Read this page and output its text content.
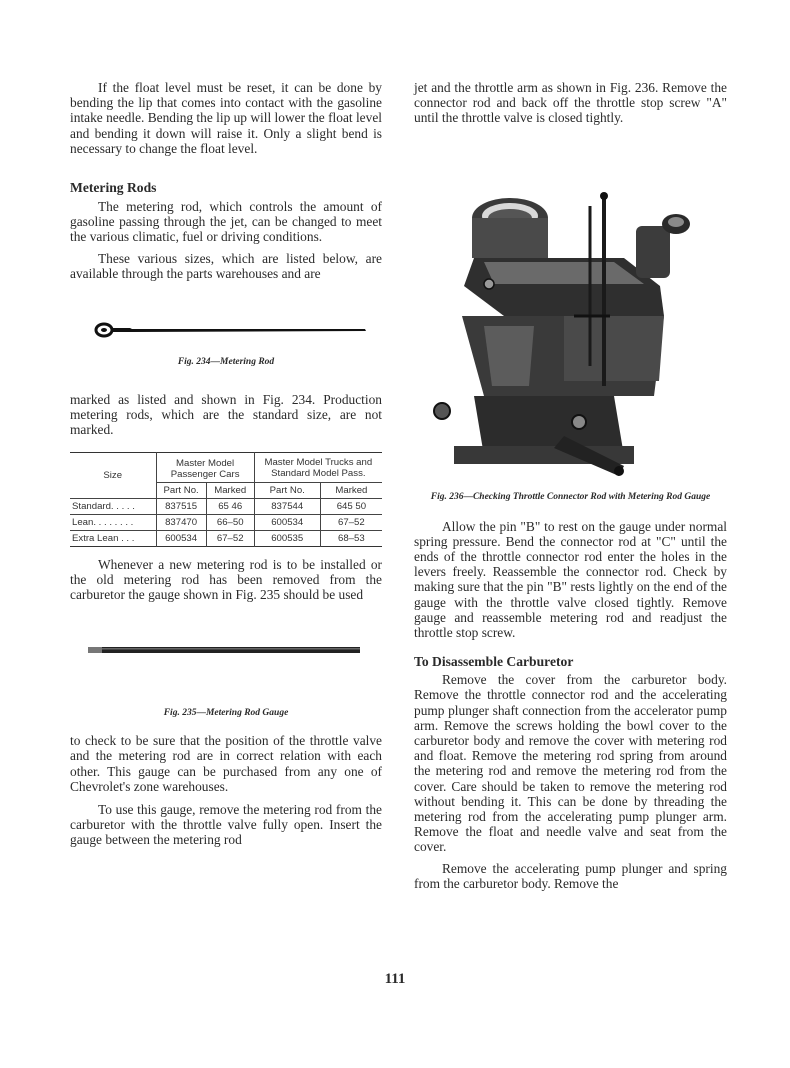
If the float level must be reset, it can be done by bending the lip that comes into contact with the gasoline intake needle. Bending the lip up will lower the float level and bending it down will raise it. Only a slight bend is necessary to change the float level.

Metering Rods

The metering rod, which controls the amount of gasoline passing through the jet, can be changed to meet the various climatic, fuel or driving conditions.

These various sizes, which are listed below, are available through the parts warehouses and are

Fig. 234—Metering Rod

marked as listed and shown in Fig. 234. Production metering rods, which are the standard size, are not marked.

Size	Master Model Passenger Cars		Master Model Trucks and Standard Model Pass.	
	Part No.	Marked	Part No.	Marked
Standard. . . . .	837515	65 46	837544	645 50
Lean. . . . . . . .	837470	66–50	600534	67–52
Extra Lean . . .	600534	67–52	600535	68–53

Whenever a new metering rod is to be installed or the old metering rod has been removed from the carburetor the gauge shown in Fig. 235 should be used

Fig. 235—Metering Rod Gauge

to check to be sure that the position of the throttle valve and the metering rod are in correct relation with each other. This gauge can be purchased from any one of Chevrolet's zone warehouses.

To use this gauge, remove the metering rod from the carburetor with the throttle valve fully open. Insert the gauge between the metering rod

jet and the throttle arm as shown in Fig. 236. Remove the connector rod and back off the throttle stop screw "A" until the throttle valve is closed tightly.

Fig. 236—Checking Throttle Connector Rod with Metering Rod Gauge

Allow the pin "B" to rest on the gauge under normal spring pressure. Bend the connector rod at "C" until the ends of the throttle connector rod enter the holes in the levers freely. Reassemble the connector rod. Check by making sure that the pin "B" rests lightly on the end of the gauge with the throttle valve closed tightly. Remove gauge and reassemble metering rod and readjust the throttle stop screw.

To Disassemble Carburetor

Remove the cover from the carburetor body. Remove the throttle connector rod and the accelerating pump plunger shaft connection from the accelerator pump arm. Remove the screws holding the bowl cover to the carburetor body and remove the cover with metering rod and float. Remove the metering rod spring from around the metering rod and remove the metering rod from the cover. Care should be taken to remove the metering rod without bending it. This can be done by threading the metering rod from the accelerating pump plunger arm. Remove the float and needle valve and seat from the cover.

Remove the accelerating pump plunger and spring from the carburetor body. Remove the

111
